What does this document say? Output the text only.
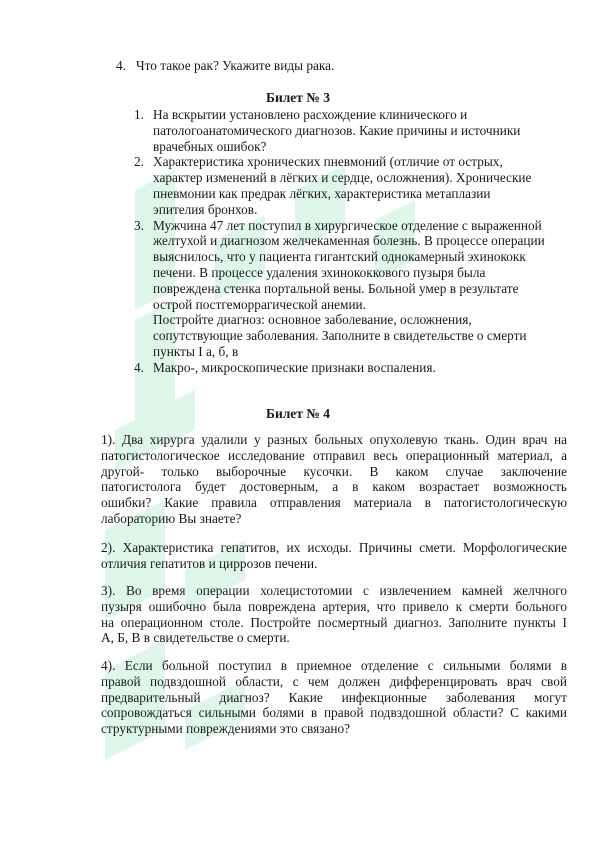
4. Что такое рак? Укажите виды рака.
Билет № 3
1. На вскрытии установлено расхождение клинического и
патологоанатомического диагнозов. Какие причины и источники
врачебных ошибок?
2. Характеристика хронических пневмоний (отличие от острых,
характер изменений в лёгких и сердце, осложнения). Хронические
пневмонии как предрак лёгких, характеристика метаплазии
эпителия бронхов.
3. Мужчина 47 лет поступил в хирургическое отделение с выраженной
желтухой и диагнозом желчекаменная болезнь. В процессе операции
выяснилось, что у пациента гигантский однокамерный эхинококк
печени. В процессе удаления эхинококкового пузыря была
повреждена стенка портальной вены. Больной умер в результате
острой постгеморрагической анемии.
Постройте диагноз: основное заболевание, осложнения,
сопутствующие заболевания. Заполните в свидетельстве о смерти
пункты I а, б, в
4. Макро-, микроскопические признаки воспаления.
Билет № 4
1). Два хирурга удалили у разных больных опухолевую ткань. Один врач на
патогистологическое исследование отправил весь операционный материал, а
другой- только выборочные кусочки. В каком случае заключение
патогистолога будет достоверным, а в каком возрастает возможность
ошибки? Какие правила отправления материала в патогистологическую
лабораторию Вы знаете?
2). Характеристика гепатитов, их исходы. Причины смети. Морфологические
отличия гепатитов и циррозов печени.
3). Во время операции холецистотомии с извлечением камней желчного
пузыря ошибочно была повреждена артерия, что привело к смерти больного
на операционном столе. Постройте посмертный диагноз. Заполните пункты I
А, Б, В в свидетельстве о смерти.
4). Если больной поступил в приемное отделение с сильными болями в
правой подвздошной области, с чем должен дифференцировать врач свой
предварительный диагноз? Какие инфекционные заболевания могут
сопровождаться сильными болями в правой подвздошной области? С какими
структурными повреждениями это связано?
